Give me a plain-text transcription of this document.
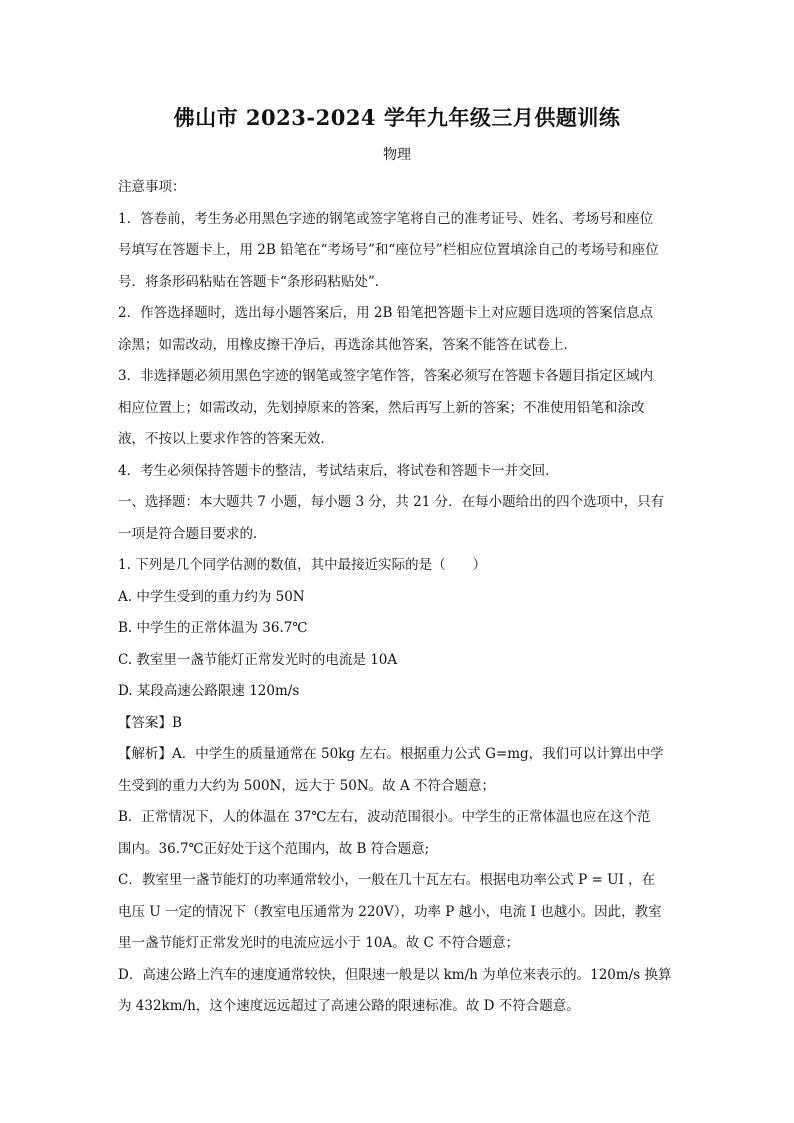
佛山市 2023-2024 学年九年级三月供题训练
物理

注意事项：

1．答卷前，考生务必用黑色字迹的钢笔或签字笔将自己的准考证号、姓名、考场号和座位

号填写在答题卡上，用 2B 铅笔在“考场号”和“座位号”栏相应位置填涂自己的考场号和座位

号．将条形码粘贴在答题卡“条形码粘贴处”．

2．作答选择题时，选出每小题答案后，用 2B 铅笔把答题卡上对应题目选项的答案信息点

涂黑；如需改动，用橡皮擦干净后，再选涂其他答案，答案不能答在试卷上．

3．非选择题必须用黑色字迹的钢笔或签字笔作答，答案必须写在答题卡各题目指定区域内

相应位置上；如需改动，先划掉原来的答案，然后再写上新的答案；不准使用铅笔和涂改

液，不按以上要求作答的答案无效．

4．考生必须保持答题卡的整洁，考试结束后，将试卷和答题卡一并交回．

一、选择题：本大题共 7 小题，每小题 3 分，共 21 分．在每小题给出的四个选项中，只有

一项是符合题目要求的．

1. 下列是几个同学估测的数值，其中最接近实际的是（　　）

A. 中学生受到的重力约为 50N

B. 中学生的正常体温为 36.7℃

C. 教室里一盏节能灯正常发光时的电流是 10A

D. 某段高速公路限速 120m/s

【答案】B

【解析】A．中学生的质量通常在 50kg 左右。根据重力公式 G=mg，我们可以计算出中学

生受到的重力大约为 500N，远大于 50N。故 A 不符合题意；

B．正常情况下，人的体温在 37℃左右，波动范围很小。中学生的正常体温也应在这个范

围内。36.7℃正好处于这个范围内，故 B 符合题意;

C．教室里一盏节能灯的功率通常较小，一般在几十瓦左右。根据电功率公式 P = UI ，在

电压 U 一定的情况下（教室电压通常为 220V），功率 P 越小，电流 I 也越小。因此，教室

里一盏节能灯正常发光时的电流应远小于 10A。故 C 不符合题意；

D．高速公路上汽车的速度通常较快，但限速一般是以 km/h 为单位来表示的。120m/s 换算

为 432km/h，这个速度远远超过了高速公路的限速标准。故 D 不符合题意。
